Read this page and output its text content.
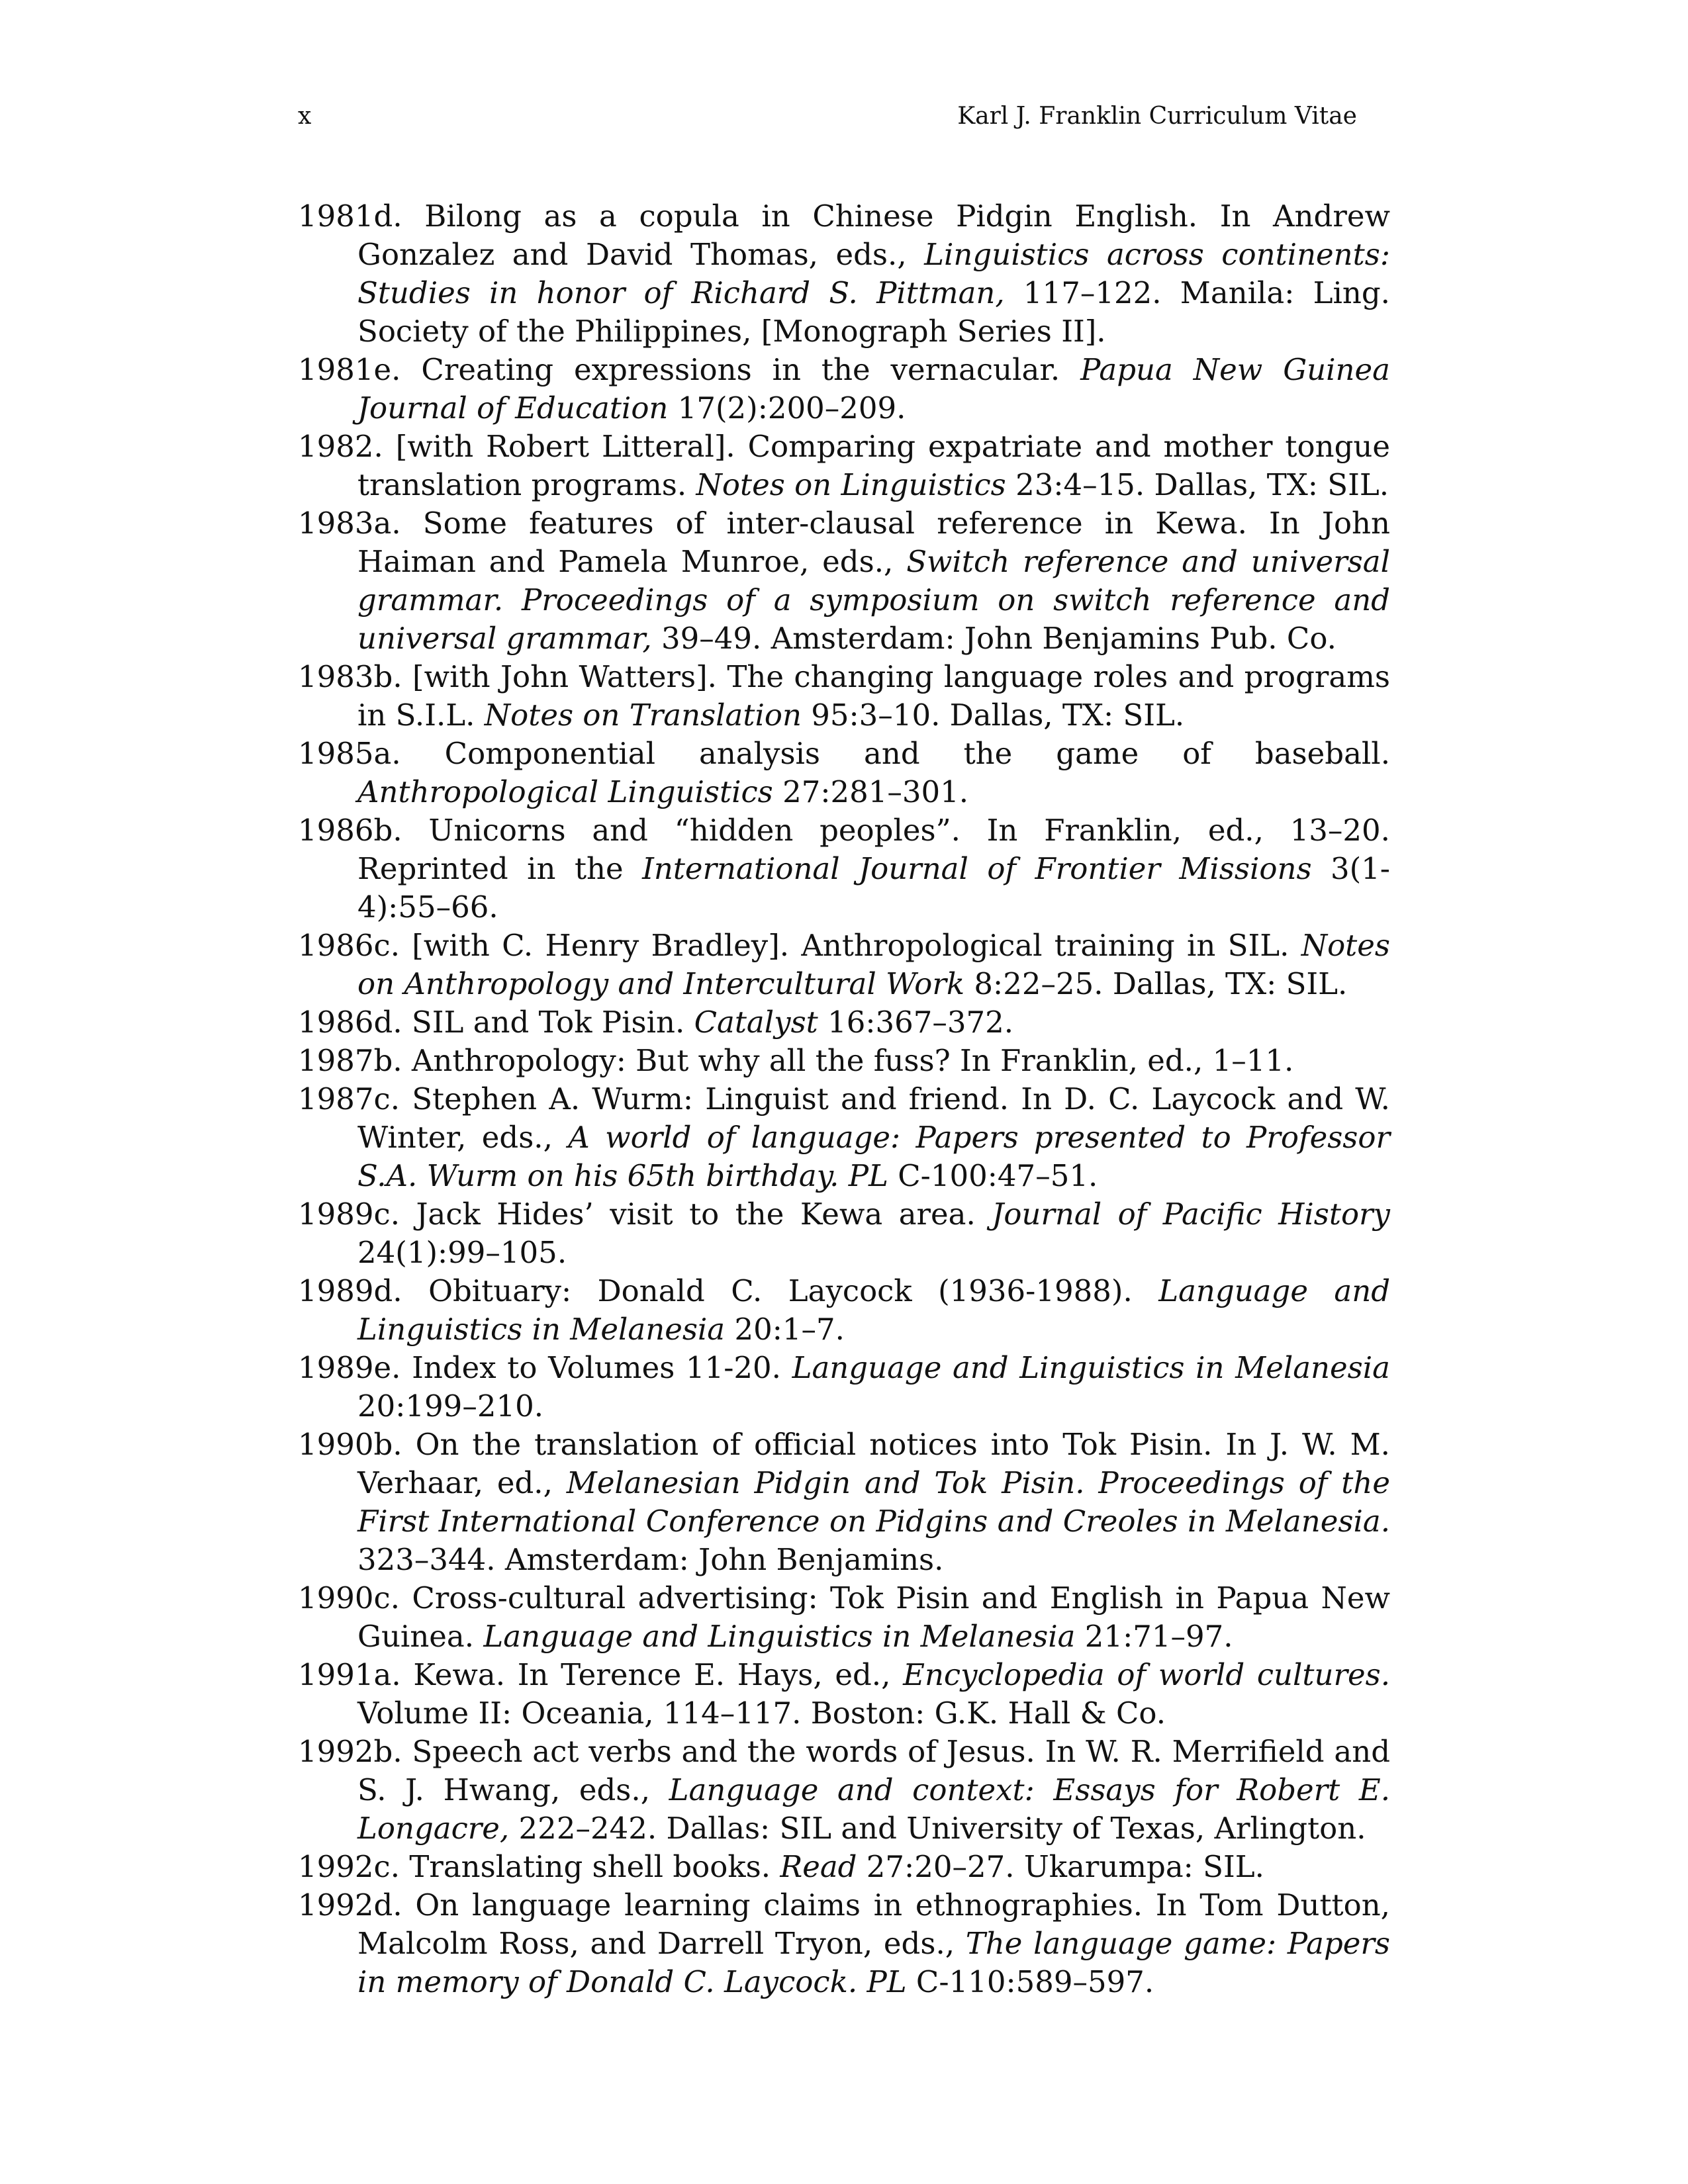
x	Karl J. Franklin Curriculum Vitae
1981d. Bilong as a copula in Chinese Pidgin English. In Andrew Gonzalez and David Thomas, eds., Linguistics across continents: Studies in honor of Richard S. Pittman, 117–122. Manila: Ling. Society of the Philippines, [Monograph Series II].
1981e. Creating expressions in the vernacular. Papua New Guinea Journal of Education 17(2):200–209.
1982. [with Robert Litteral]. Comparing expatriate and mother tongue translation programs. Notes on Linguistics 23:4–15. Dallas, TX: SIL.
1983a. Some features of inter-clausal reference in Kewa. In John Haiman and Pamela Munroe, eds., Switch reference and universal grammar. Proceedings of a symposium on switch reference and universal grammar, 39–49. Amsterdam: John Benjamins Pub. Co.
1983b. [with John Watters]. The changing language roles and programs in S.I.L. Notes on Translation 95:3–10. Dallas, TX: SIL.
1985a. Componential analysis and the game of baseball. Anthropological Linguistics 27:281–301.
1986b. Unicorns and “hidden peoples”. In Franklin, ed., 13–20. Reprinted in the International Journal of Frontier Missions 3(1-4):55–66.
1986c. [with C. Henry Bradley]. Anthropological training in SIL. Notes on Anthropology and Intercultural Work 8:22–25. Dallas, TX: SIL.
1986d. SIL and Tok Pisin. Catalyst 16:367–372.
1987b. Anthropology: But why all the fuss? In Franklin, ed., 1–11.
1987c. Stephen A. Wurm: Linguist and friend. In D. C. Laycock and W. Winter, eds., A world of language: Papers presented to Professor S.A. Wurm on his 65th birthday. PL C-100:47–51.
1989c. Jack Hides’ visit to the Kewa area. Journal of Pacific History 24(1):99–105.
1989d. Obituary: Donald C. Laycock (1936-1988). Language and Linguistics in Melanesia 20:1–7.
1989e. Index to Volumes 11-20. Language and Linguistics in Melanesia 20:199–210.
1990b. On the translation of official notices into Tok Pisin. In J. W. M. Verhaar, ed., Melanesian Pidgin and Tok Pisin. Proceedings of the First International Conference on Pidgins and Creoles in Melanesia. 323–344. Amsterdam: John Benjamins.
1990c. Cross-cultural advertising: Tok Pisin and English in Papua New Guinea. Language and Linguistics in Melanesia 21:71–97.
1991a. Kewa. In Terence E. Hays, ed., Encyclopedia of world cultures. Volume II: Oceania, 114–117. Boston: G.K. Hall & Co.
1992b. Speech act verbs and the words of Jesus. In W. R. Merrifield and S. J. Hwang, eds., Language and context: Essays for Robert E. Longacre, 222–242. Dallas: SIL and University of Texas, Arlington.
1992c. Translating shell books. Read 27:20–27. Ukarumpa: SIL.
1992d. On language learning claims in ethnographies. In Tom Dutton, Malcolm Ross, and Darrell Tryon, eds., The language game: Papers in memory of Donald C. Laycock. PL C-110:589–597.
